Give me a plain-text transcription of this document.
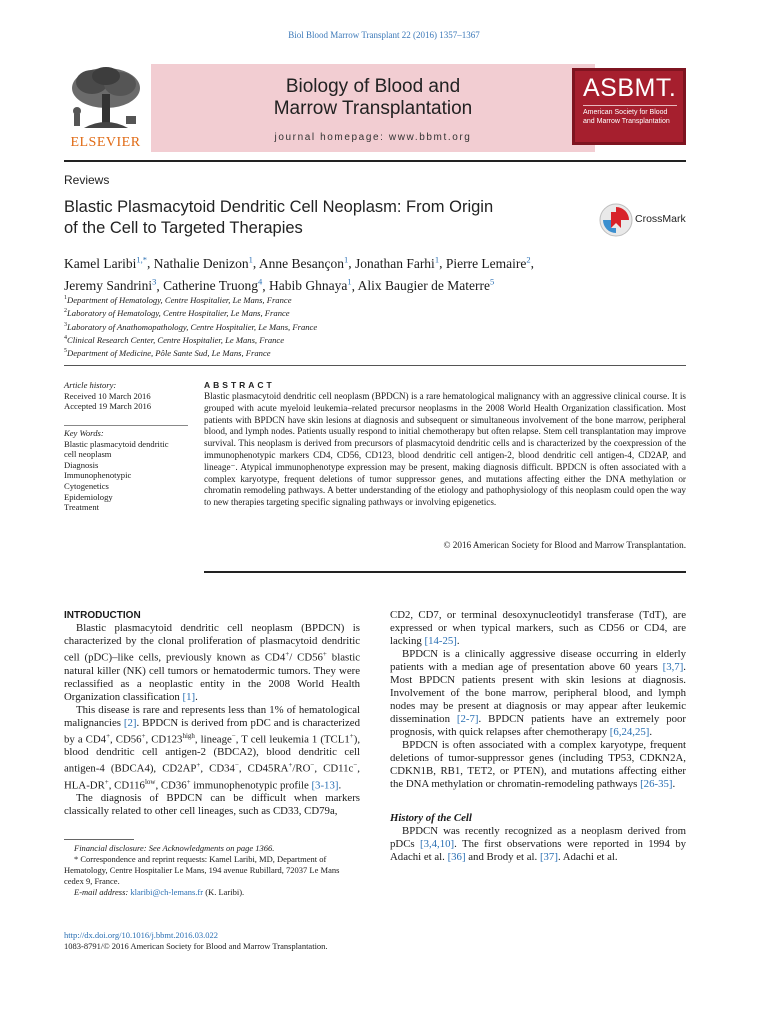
Biol Blood Marrow Transplant 22 (2016) 1357–1367
ELSEVIER
Biology of Blood and
Marrow Transplantation
journal homepage: www.bbmt.org
ASBMT.
American Society for Blood
and Marrow Transplantation
Reviews
Blastic Plasmacytoid Dendritic Cell Neoplasm: From Origin
of the Cell to Targeted Therapies	CrossMark
Kamel Laribi$^{1,*}$, Nathalie Denizon$^1$, Anne Besançon$^1$, Jonathan Farhi$^1$, Pierre Lemaire$^2$,
Jeremy Sandrini$^3$, Catherine Truong$^4$, Habib Ghnaya$^1$, Alix Baugier de Materre$^5$
$^1$Department of Hematology, Centre Hospitalier, Le Mans, France
$^2$Laboratory of Hematology, Centre Hospitalier, Le Mans, France
$^3$Laboratory of Anathomopathology, Centre Hospitalier, Le Mans, France
$^4$Clinical Research Center, Centre Hospitalier, Le Mans, France
$^5$Department of Medicine, Pôle Sante Sud, Le Mans, France
Article history:
Received 10 March 2016
Accepted 19 March 2016
Key Words:
Blastic plasmacytoid dendritic
cell neoplasm
Diagnosis
Immunophenotypic
Cytogenetics
Epidemiology
Treatment
ABSTRACT
Blastic plasmacytoid dendritic cell neoplasm (BPDCN) is a rare hematological malignancy with an aggressive clinical course. It is grouped with acute myeloid leukemia–related precursor neoplasms in the 2008 World Health Organization classification. Most patients with BPDCN have skin lesions at diagnosis and subsequent or simultaneous involvement of the bone marrow, peripheral blood, and lymph nodes. Patients usually respond to initial chemotherapy but often relapse. Stem cell transplantation may improve survival. This neoplasm is derived from precursors of plasmacytoid dendritic cells and is characterized by the coexpression of the immunophenotypic markers CD4, CD56, CD123, blood dendritic cell antigen-2, blood dendritic cell antigen-4, CD2AP, and lineage⁻. Atypical immunophenotype expression may be present, making diagnosis difficult. BPDCN is often associated with a complex karyotype, frequent deletions of tumor suppressor genes, and mutations affecting either the DNA methylation or chromatin remodeling pathways. A better understanding of the etiology and pathophysiology of this neoplasm could open the way to new therapies targeting specific signaling pathways or involving epigenetics.
© 2016 American Society for Blood and Marrow Transplantation.
INTRODUCTION

Blastic plasmacytoid dendritic cell neoplasm (BPDCN) is characterized by the clonal proliferation of plasmacytoid dendritic cell (pDC)–like cells, previously known as CD4+/ CD56+ blastic natural killer (NK) cell tumors or hematodermic tumors. They were reclassified as a neoplastic entity in the 2008 World Health Organization classification [1].

This disease is rare and represents less than 1% of hematological malignancies [2]. BPDCN is derived from pDC and is characterized by a CD4+, CD56+, $CD123^{high}$, lineage−, T cell leukemia 1 (TCL1+), blood dendritic cell antigen-2 (BDCA2), blood dendritic cell antigen-4 (BDCA4), CD2AP+, CD34−, CD45RA+/RO−, CD11c−, HLA-DR+, $CD116^{low}$, CD36+ immunophenotypic profile [3-13].

The diagnosis of BPDCN can be difficult when markers classically related to other cell lineages, such as CD33, CD79a,

CD2, CD7, or terminal desoxynucleotidyl transferase (TdT), are expressed or when typical markers, such as CD56 or CD4, are lacking [14-25].

BPDCN is a clinically aggressive disease occurring in elderly patients with a median age of presentation above 60 years [3,7]. Most BPDCN patients present with skin lesions at diagnosis. Involvement of the bone marrow, peripheral blood, and lymph nodes may be present at diagnosis or may appear after leukemic dissemination [2-7]. BPDCN patients have an extremely poor prognosis, with quick relapses after chemotherapy [6,24,25].

BPDCN is often associated with a complex karyotype, frequent deletions of tumor-suppressor genes (including TP53, CDKN2A, CDKN1B, RB1, TET2, or PTEN), and mutations affecting either the DNA methylation or chromatin-remodeling pathways [26-35].

History of the Cell

BPDCN was recently recognized as a neoplasm derived from pDCs [3,4,10]. The first observations were reported in 1994 by Adachi et al. [36] and Brody et al. [37]. Adachi et al.

Financial disclosure: See Acknowledgments on page 1366.

* Correspondence and reprint requests: Kamel Laribi, MD, Department of Hematology, Centre Hospitalier Le Mans, 194 avenue Rubillard, 72037 Le Mans cedex 9, France.

E-mail address: klaribi@ch-lemans.fr (K. Laribi).

http://dx.doi.org/10.1016/j.bbmt.2016.03.022
1083-8791/© 2016 American Society for Blood and Marrow Transplantation.
